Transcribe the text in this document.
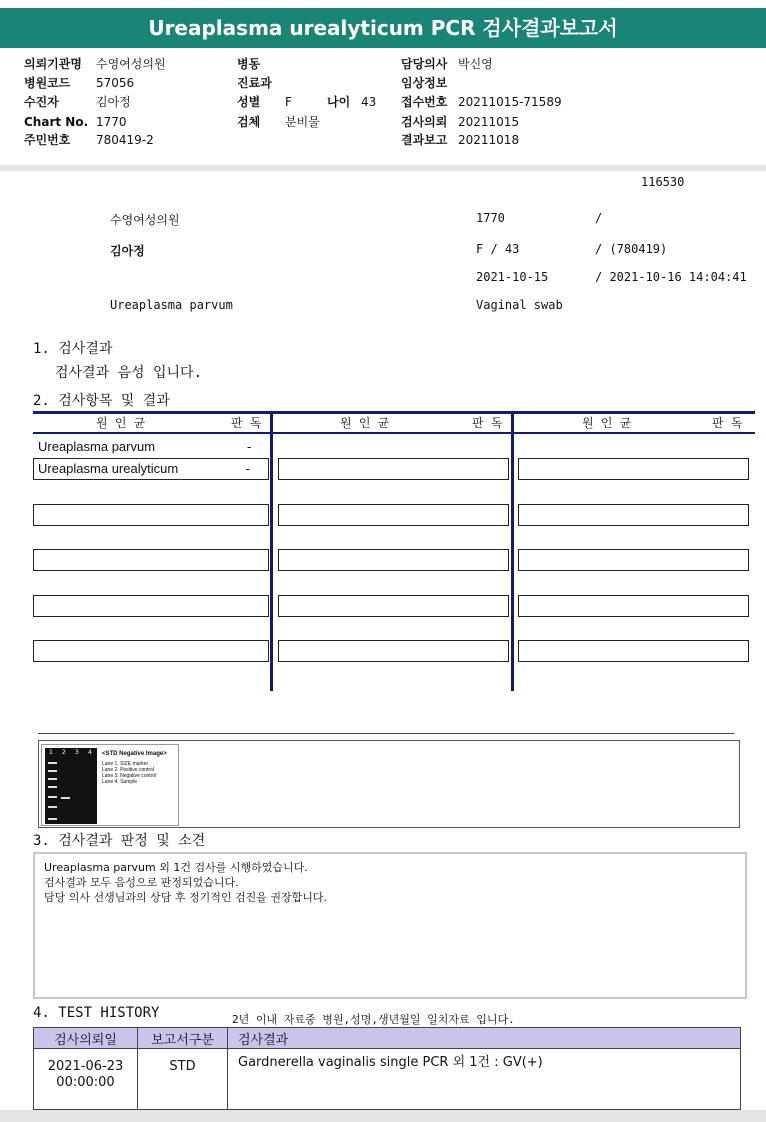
Ureaplasma urealyticum PCR 검사결과보고서
의뢰기관명 수영여성의원
병원코드 57056
수진자	김아정
Chart No. 1770
주민번호 780419-2
병동
진료과
성별 F	나이 43
검체 분비물
담당의사 박신영
임상정보
접수번호 20211015-71589
검사의뢰 20211015
결과보고 20211018
116530
수영여성의원	1770	/
김아정	F / 43	/ (780419)
2021-10-15	/ 2021-10-16 14:04:41
Ureaplasma parvum	Vaginal swab
1. 검사결과
검사결과 음성 입니다.
2. 검사항목 및 결과
원 인 균	판 독	원 인 균	판 독	원 인 균	판 독
Ureaplasma parvum	-
Ureaplasma urealyticum	-
1 2 3 4 <STD Negative Image>
Lane 1. SIZE marker
Lane 2. Positive control
Lane 3. Negative control
Lane 4. Sample
3. 검사결과 판정 및 소견
Ureaplasma parvum 외 1건 검사를 시행하였습니다.
검사결과 모두 음성으로 판정되었습니다.
담당 의사 선생님과의 상담 후 정기적인 검진을 권장합니다.
4. TEST HISTORY	2년 이내 자료중 병원,성명,생년월일 일치자료 입니다.
검사의뢰일	보고서구분	검사결과

2021-06-23
00:00:00	STD	Gardnerella vaginalis single PCR 외 1건 : GV(+)
